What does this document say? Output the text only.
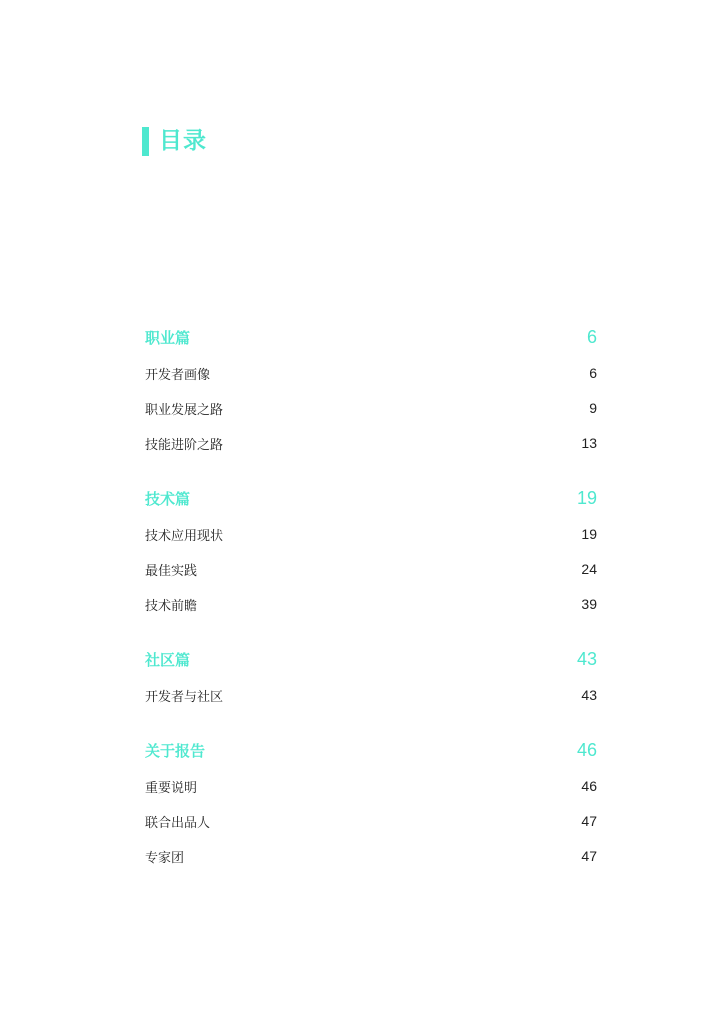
目录
职业篇	6
开发者画像	6
职业发展之路	9
技能进阶之路	13
技术篇	19
技术应用现状	19
最佳实践	24
技术前瞻	39
社区篇	43
开发者与社区	43
关于报告	46
重要说明	46
联合出品人	47
专家团	47
